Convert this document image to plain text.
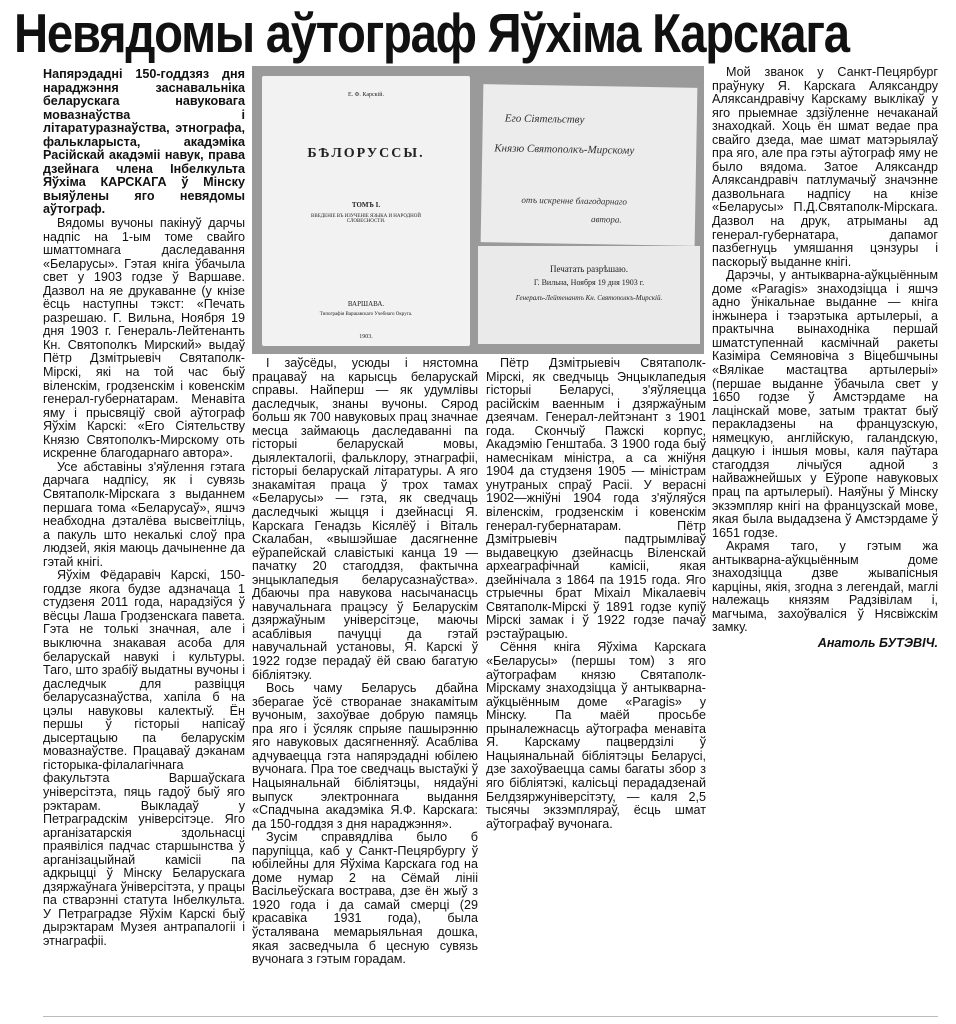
Невядомы аўтограф Яўхіма Карскага
Е. Ф. Карскій.
БѢЛОРУССЫ.
ТОМЪ I.
ВВЕДЕНІЕ ВЪ ИЗУЧЕНІЕ ЯЗЫКА И НАРОДНОЙ СЛОВЕСНОСТИ.
ВАРШАВА.
Типографія Варшавскаго Учебнаго Округа.
1903.
Его Сіятельству
Князю Святополкъ-Мирскому
отъ искренне благодарнаго
автора.
Печатать разрѣшаю.
Г. Вильна, Ноября 19 дня 1903 г.
Генералъ-Лейтенантъ Кн. Святополкъ-Мирскій.

Напярэдадні 150-годдзяз дня нараджэння заснавальніка беларускага навуковага мовазнаўства і літаратуразнаўства, этнографа, фалькларыста, акадэміка Расійскай акадэміі навук, права дзейнага члена Інбелкульта Яўхіма КАРСКАГА ў Мінску выяўлены яго невядомы аўтограф.

Вядомы вучоны пакінуў дарчы надпіс на 1-ым томе свайго шматтомнага даследавання «Беларусы». Гэтая кніга ўбачыла свет у 1903 годзе ў Варшаве. Дазвол на яе друкаванне (у кнізе ёсць наступны тэкст: «Печать разрешаю. Г. Вильна, Ноября 19 дня 1903 г. Генераль-Лейтенанть Кн. Святополкъ Мирский» выдаў Пётр Дзмітрыевіч Святаполк-Мірскі, які на той час быў віленскім, гродзенскім і ковенскім генерал-губернатарам. Менавіта яму і прысвяціў свой аўтограф Яўхім Карскі: «Его Сіятельству Князю Святополкъ-Мирскому оть искренне благодарнаго автора».

Усе абставіны з'яўлення гэтага дарчага надпісу, як і сувязь Святаполк-Мірскага з выданнем першага тома «Беларусаў», яшчэ неабходна дэталёва высвеітліць, а пакуль што некалькі слоў пра людзей, якія маюць дачыненне да гэтай кнігі.

Яўхім Фёдаравіч Карскі, 150-годдзе якога будзе адзначаца 1 студзеня 2011 года, нарадзіўся ў вёсцы Лаша Гродзенскага павета. Гэта не толькі значная, але і выключна знакавая асоба для беларускай навукі і культуры. Таго, што зрабіў выдатны вучоны і даследчык для развіцця беларусазнаўства, хапіла б на цэлы навуковы калектыў. Ён першы ў гісторыі напісаў дысертацыю па беларускім мовазнаўстве. Працаваў дэканам гісторыка-філалагічнага факультэта Варшаўскага універсітэта, пяць гадоў быў яго рэктарам. Выкладаў у Петраградскім універсітэце. Яго арганізатарскія здольнасці праявіліся падчас старшынства ў арганізацыйнай камісіі па адкрыцці ў Мінску Беларускага дзяржаўнага ўніверсітэта, у працы па стварэнні статута Інбелкульта. У Петраградзе Яўхім Карскі быў дырэктарам Музея антрапалогіі і этнаграфіі.

І заўсёды, усюды і нястомна працаваў на карысць беларускай справы. Найперш — як удумлівы даследчык, знаны вучоны. Сярод больш як 700 навуковых прац значнае месца займаюць даследаванні па гісторыі беларускай мовы, дыялекталогіі, фальклору, этнаграфіі, гісторыі беларускай літаратуры. А яго знакамітая праца ў трох тамах «Беларусы» — гэта, як сведчаць даследчыкі жыцця і дзейнасці Я. Карскага Генадзь Кісялёў і Віталь Скалабан, «вышэйшае дасягненне еўрапейскай славістыкі канца 19 — пачатку 20 стагоддзя, фактычна энцыклапедыя беларусазнаўства». Дбаючы пра навукова насычанасць навучальнага працэсу ў Беларускім дзяржаўным універсітэце, маючы асаблівыя пачуцці да гэтай навучальнай установы, Я. Карскі ў 1922 годзе перадаў ёй сваю багатую бібліятэку.

Вось чаму Беларусь дбайна зберагае ўсё створанае знакамітым вучоным, захоўвае добрую памяць пра яго і ўсяляк спрыяе пашырэнню яго навуковых дасягненняў. Асабліва адчуваецца гэта напярэдадні юбілею вучонага. Пра тое сведчаць выстаўкі ў Нацыянальнай бібліятэцы, нядаўні выпуск электроннага выдання «Спадчына акадэміка Я.Ф. Карскага: да 150-годдзя з дня нараджэння».

Зусім справядліва было б парупіцца, каб у Санкт-Пецярбургу ў юбілейны для Яўхіма Карскага год на доме нумар 2 на Сёмай лініі Васільеўскага вострава, дзе ён жыў з 1920 года і да самай смерці (29 красавіка 1931 года), была ўсталявана мемарыяльная дошка, якая засведчыла б цесную сувязь вучонага з гэтым горадам.

Пётр Дзмітрыевіч Святаполк-Мірскі, як сведчыць Энцыклапедыя гісторыі Беларусі, з'яўляецца расійскім ваенным і дзяржаўным дзеячам. Генерал-лейтэнант з 1901 года. Скончыў Пажскі корпус, Акадэмію Генштаба. З 1900 года быў намеснікам міністра, а са жніўня 1904 да студзеня 1905 — міністрам унутраных спраў Расіі. У верасні 1902—жніўні 1904 года з'яўляўся віленскім, гродзенскім і ковенскім генерал-губернатарам. Пётр Дзмітрыевіч падтрымліваў выдавецкую дзейнасць Віленскай археаграфічнай камісіі, якая дзейнічала з 1864 па 1915 года. Яго стрыечны брат Міхаіл Мікалаевіч Святаполк-Мірскі ў 1891 годзе купіў Мірскі замак і ў 1922 годзе пачаў рэстаўрацыю.

Сёння кніга Яўхіма Карскага «Беларусы» (першы том) з яго аўтографам князю Святаполк-Мірскаму знаходзіцца ў антыкварна-аўкцыённым доме «Paragis» у Мінску. Па маёй просьбе прыналежнасць аўтографа менавіта Я. Карскаму пацвердзілі ў Нацыянальнай бібліятэцы Беларусі, дзе захоўваецца самы багаты збор з яго бібліятэкі, калісьці перададзенай Белдзяржуніверсітэту, — каля 2,5 тысячы экзэмпляраў, ёсць шмат аўтографаў вучонага.

Мой званок у Санкт-Пецярбург праўнуку Я. Карскага Аляксандру Аляксандравічу Карскаму выклікаў у яго прыемнае здзіўленне нечаканай знаходкай. Хоць ён шмат ведае пра свайго дзеда, мае шмат матэрыялаў пра яго, але пра гэты аўтограф яму не было вядома. Затое Аляксандр Аляксандравіч патлумачыў значэнне дазвольнага надпісу на кнізе «Беларусы» П.Д.Святаполк-Мірскага. Дазвол на друк, атрыманы ад генерал-губернатара, дапамог пазбегнуць умяшання цэнзуры і паскорыў выданне кнігі.

Дарэчы, у антыкварна-аўкцыённым доме «Paragis» знаходзіцца і яшчэ адно ўнікальнае выданне — кніга інжынера і тэарэтыка артылерыі, а практычна вынаходніка першай шматступеннай касмічнай ракеты Казіміра Семяновіча з Віцебшчыны «Вялікае мастацтва артылерыі» (першае выданне ўбачыла свет у 1650 годзе ў Амстэрдаме на лацінскай мове, затым трактат быў перакладзены на французскую, нямецкую, англійскую, галандскую, дацкую і іншыя мовы, каля паўтара стагоддзя лічыўся адной з найважнейшых у Еўропе навуковых прац па артылерыі). Наяўны ў Мінску экзэмпляр кнігі на французскай мове, якая была выдадзена ў Амстэрдаме ў 1651 годзе.

Акрамя таго, у гэтым жа антыкварна-аўкцыённым доме знаходзіцца дзве жывапісныя карціны, якія, згодна з легендай, маглі належаць князям Радзівілам і, магчыма, захоўваліся ў Нясвіжскім замку.

Анатоль БУТЭВІЧ.
